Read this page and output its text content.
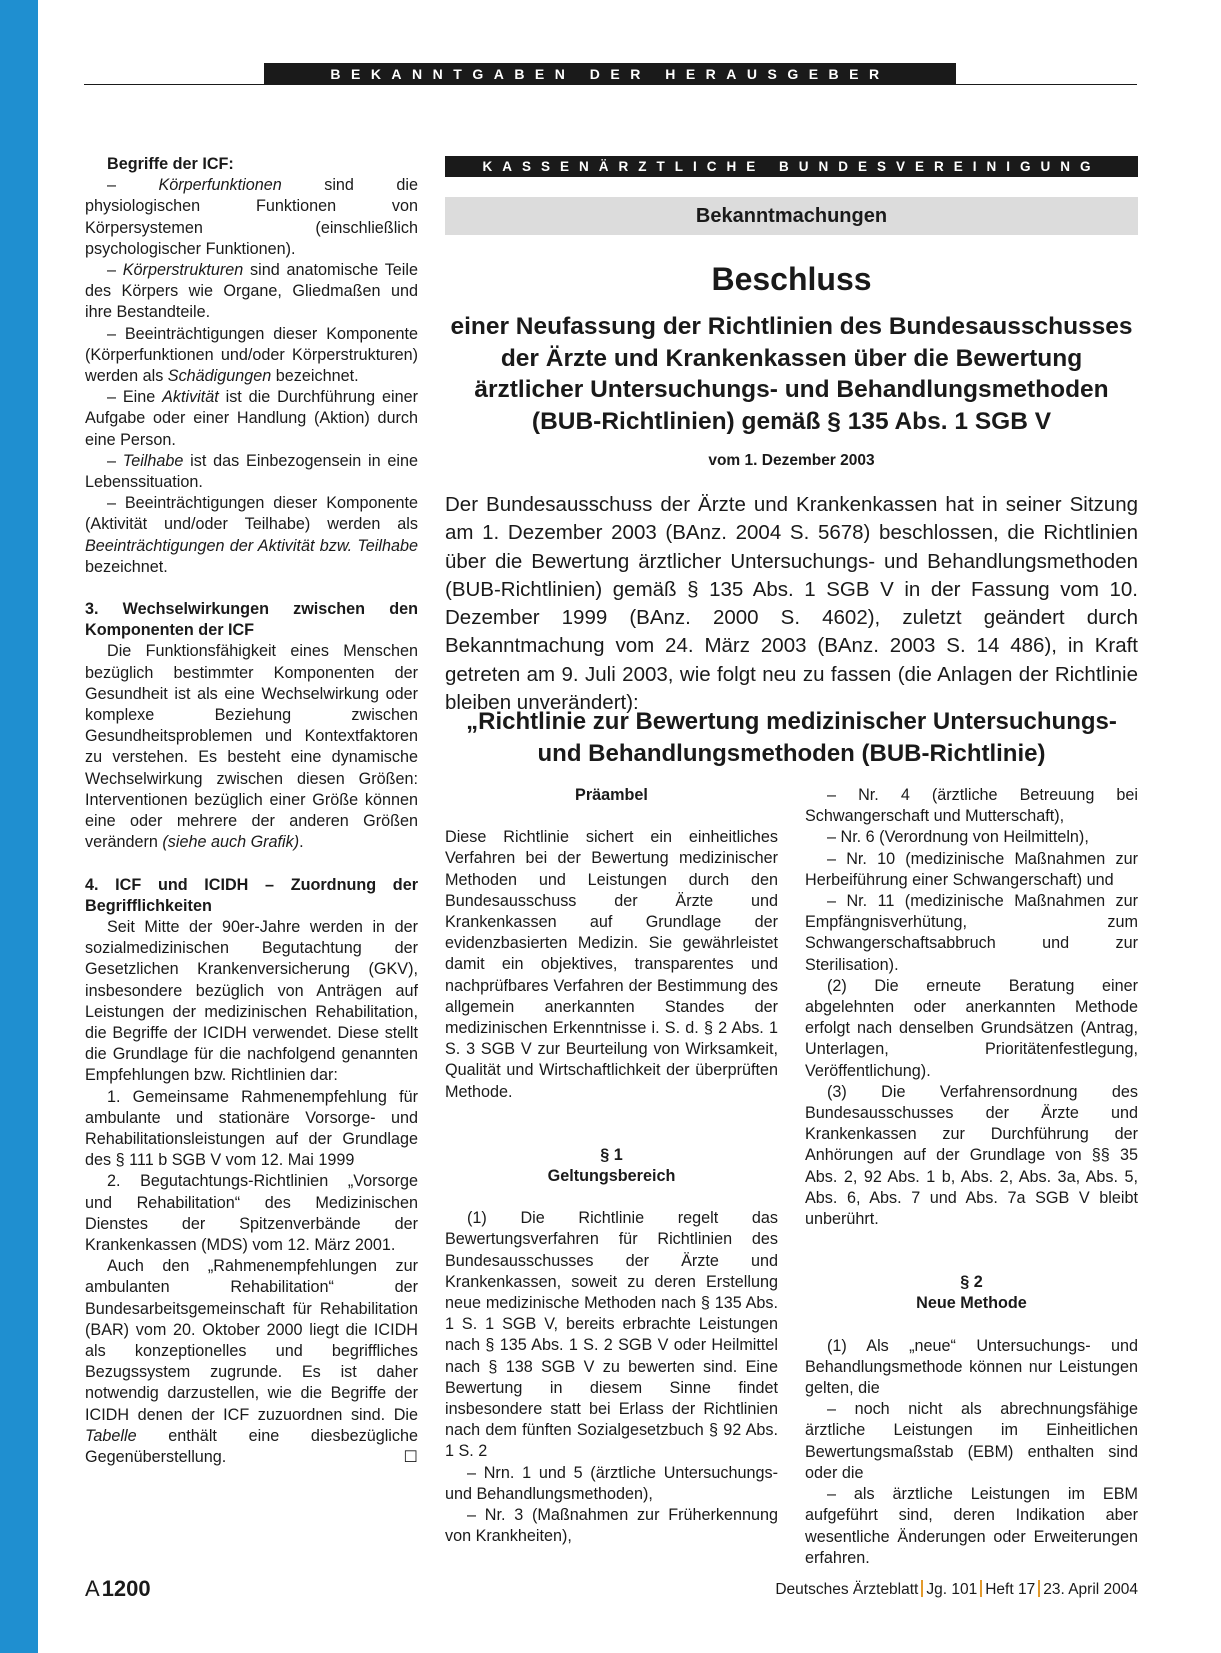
BEKANNTGABEN DER HERAUSGEBER

Begriffe der ICF:

– Körperfunktionen sind die physiologischen Funktionen von Körpersystemen (einschließlich psychologischer Funktionen).

– Körperstrukturen sind anatomische Teile des Körpers wie Organe, Gliedmaßen und ihre Bestandteile.

– Beeinträchtigungen dieser Komponente (Körperfunktionen und/oder Körperstrukturen) werden als Schädigungen bezeichnet.

– Eine Aktivität ist die Durchführung einer Aufgabe oder einer Handlung (Aktion) durch eine Person.

– Teilhabe ist das Einbezogensein in eine Lebenssituation.

– Beeinträchtigungen dieser Komponente (Aktivität und/oder Teilhabe) werden als Beeinträchtigungen der Aktivität bzw. Teilhabe bezeichnet.

3. Wechselwirkungen zwischen den Komponenten der ICF

Die Funktionsfähigkeit eines Menschen bezüglich bestimmter Komponenten der Gesundheit ist als eine Wechselwirkung oder komplexe Beziehung zwischen Gesundheitsproblemen und Kontextfaktoren zu verstehen. Es besteht eine dynamische Wechselwirkung zwischen diesen Größen: Interventionen bezüglich einer Größe können eine oder mehrere der anderen Größen verändern (siehe auch Grafik).

4. ICF und ICIDH – Zuordnung der Begrifflichkeiten

Seit Mitte der 90er-Jahre werden in der sozialmedizinischen Begutachtung der Gesetzlichen Krankenversicherung (GKV), insbesondere bezüglich von Anträgen auf Leistungen der medizinischen Rehabilitation, die Begriffe der ICIDH verwendet. Diese stellt die Grundlage für die nachfolgend genannten Empfehlungen bzw. Richtlinien dar:

1. Gemeinsame Rahmenempfehlung für ambulante und stationäre Vorsorge- und Rehabilitationsleistungen auf der Grundlage des § 111 b SGB V vom 12. Mai 1999

2. Begutachtungs-Richtlinien „Vorsorge und Rehabilitation“ des Medizinischen Dienstes der Spitzenverbände der Krankenkassen (MDS) vom 12. März 2001.

Auch den „Rahmenempfehlungen zur ambulanten Rehabilitation“ der Bundesarbeitsgemeinschaft für Rehabilitation (BAR) vom 20. Oktober 2000 liegt die ICIDH als konzeptionelles und begriffliches Bezugssystem zugrunde. Es ist daher notwendig darzustellen, wie die Begriffe der ICIDH denen der ICF zuzuordnen sind. Die Tabelle enthält eine diesbezügliche Gegenüberstellung.	☐

KASSENÄRZTLICHE BUNDESVEREINIGUNG
Bekanntmachungen
Beschluss
einer Neufassung der Richtlinien des Bundesausschusses der Ärzte und Krankenkassen über die Bewertung ärztlicher Untersuchungs- und Behandlungsmethoden (BUB-Richtlinien) gemäß § 135 Abs. 1 SGB V
vom 1. Dezember 2003
Der Bundesausschuss der Ärzte und Krankenkassen hat in seiner Sitzung am 1. Dezember 2003 (BAnz. 2004 S. 5678) beschlossen, die Richtlinien über die Bewertung ärztlicher Untersuchungs- und Behandlungsmethoden (BUB-Richtlinien) gemäß § 135 Abs. 1 SGB V in der Fassung vom 10. Dezember 1999 (BAnz. 2000 S. 4602), zuletzt geändert durch Bekanntmachung vom 24. März 2003 (BAnz. 2003 S. 14 486), in Kraft getreten am 9. Juli 2003, wie folgt neu zu fassen (die Anlagen der Richtlinie bleiben unverändert):
„Richtlinie zur Bewertung medizinischer Untersuchungs- und Behandlungsmethoden (BUB-Richtlinie)

Präambel

Diese Richtlinie sichert ein einheitliches Verfahren bei der Bewertung medizinischer Methoden und Leistungen durch den Bundesausschuss der Ärzte und Krankenkassen auf Grundlage der evidenzbasierten Medizin. Sie gewährleistet damit ein objektives, transparentes und nachprüfbares Verfahren der Bestimmung des allgemein anerkannten Standes der medizinischen Erkenntnisse i. S. d. § 2 Abs. 1 S. 3 SGB V zur Beurteilung von Wirksamkeit, Qualität und Wirtschaftlichkeit der überprüften Methode.

§ 1

Geltungsbereich

(1) Die Richtlinie regelt das Bewertungsverfahren für Richtlinien des Bundesausschusses der Ärzte und Krankenkassen, soweit zu deren Erstellung neue medizinische Methoden nach § 135 Abs. 1 S. 1 SGB V, bereits erbrachte Leistungen nach § 135 Abs. 1 S. 2 SGB V oder Heilmittel nach § 138 SGB V zu bewerten sind. Eine Bewertung in diesem Sinne findet insbesondere statt bei Erlass der Richtlinien nach dem fünften Sozialgesetzbuch § 92 Abs. 1 S. 2

– Nrn. 1 und 5 (ärztliche Untersuchungs- und Behandlungsmethoden),

– Nr. 3 (Maßnahmen zur Früherkennung von Krankheiten),

– Nr. 4 (ärztliche Betreuung bei Schwangerschaft und Mutterschaft),

– Nr. 6 (Verordnung von Heilmitteln),

– Nr. 10 (medizinische Maßnahmen zur Herbeiführung einer Schwangerschaft) und

– Nr. 11 (medizinische Maßnahmen zur Empfängnisverhütung, zum Schwangerschaftsabbruch und zur Sterilisation).

(2) Die erneute Beratung einer abgelehnten oder anerkannten Methode erfolgt nach denselben Grundsätzen (Antrag, Unterlagen, Prioritätenfestlegung, Veröffentlichung).

(3) Die Verfahrensordnung des Bundesausschusses der Ärzte und Krankenkassen zur Durchführung der Anhörungen auf der Grundlage von §§ 35 Abs. 2, 92 Abs. 1 b, Abs. 2, Abs. 3a, Abs. 5, Abs. 6, Abs. 7 und Abs. 7a SGB V bleibt unberührt.

§ 2

Neue Methode

(1) Als „neue“ Untersuchungs- und Behandlungsmethode können nur Leistungen gelten, die

– noch nicht als abrechnungsfähige ärztliche Leistungen im Einheitlichen Bewertungsmaßstab (EBM) enthalten sind oder die

– als ärztliche Leistungen im EBM aufgeführt sind, deren Indikation aber wesentliche Änderungen oder Erweiterungen erfahren.

A1200	Deutsches Ärzteblatt Jg. 101 Heft 17 23. April 2004
